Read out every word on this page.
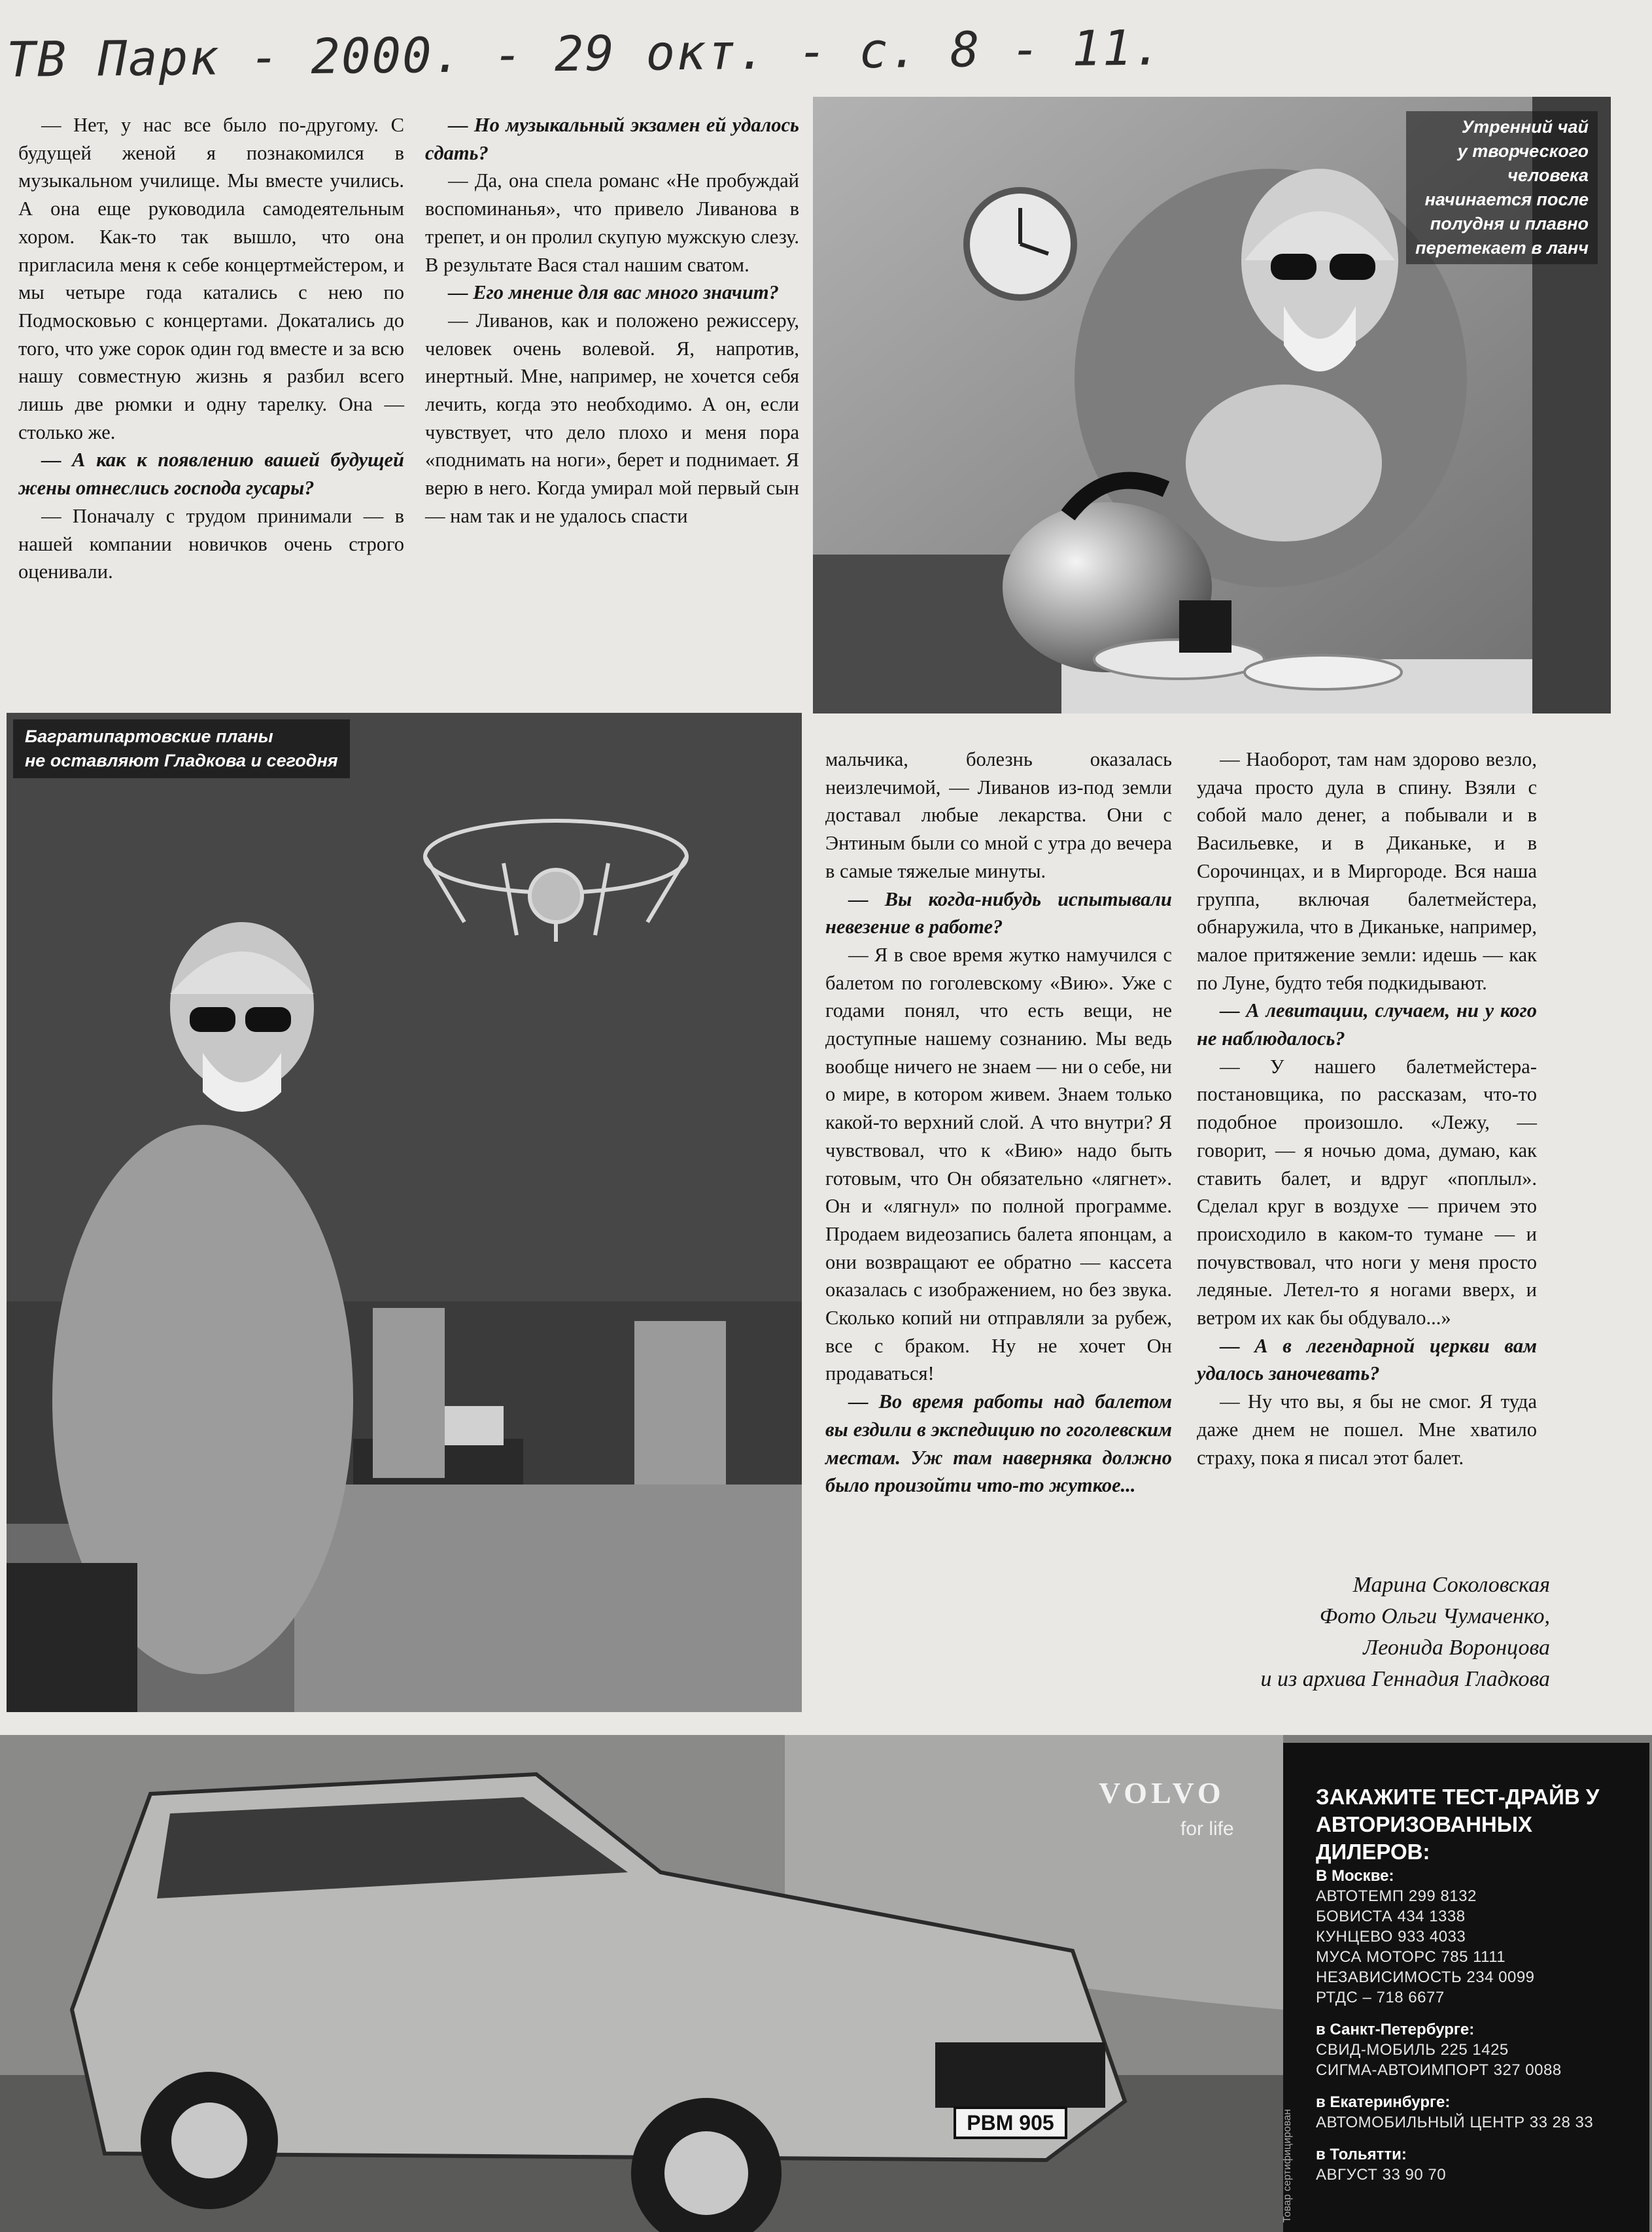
ТВ Парк - 2000. - 29 окт. - с. 8 - 11.

— Нет, у нас все было по-другому. С будущей женой я познакомился в музыкальном училище. Мы вместе учились. А она еще руководила самодеятельным хором. Как-то так вышло, что она пригласила меня к себе концертмейстером, и мы четыре года катались с нею по Подмосковью с концертами. Докатались до того, что уже сорок один год вместе и за всю нашу совместную жизнь я разбил всего лишь две рюмки и одну тарелку. Она — столько же.

— А как к появлению вашей будущей жены отнеслись господа гусары?

— Поначалу с трудом принимали — в нашей компании новичков очень строго оценивали.

— Но музыкальный экзамен ей удалось сдать?

— Да, она спела романс «Не пробуждай воспоминанья», что привело Ливанова в трепет, и он пролил скупую мужскую слезу. В результате Вася стал нашим сватом.

— Его мнение для вас много значит?

— Ливанов, как и положено режиссеру, человек очень волевой. Я, напротив, инертный. Мне, например, не хочется себя лечить, когда это необходимо. А он, если чувствует, что дело плохо и меня пора «поднимать на ноги», берет и поднимает. Я верю в него. Когда умирал мой первый сын — нам так и не удалось спасти

Утренний чай
у творческого
человека
начинается после
полудня и плавно
перетекает в ланч
Багратипартовские планы
не оставляют Гладкова и сегодня	мальчика, болезнь оказалась неизлечимой, — Ливанов из-под земли доставал любые лекарства. Они с Энтиным были со мной с утра до вечера в самые тяжелые минуты.

— Вы когда-нибудь испытывали невезение в работе?

— Я в свое время жутко намучился с балетом по гоголевскому «Вию». Уже с годами понял, что есть вещи, не доступные нашему сознанию. Мы ведь вообще ничего не знаем — ни о себе, ни о мире, в котором живем. Знаем только какой-то верхний слой. А что внутри? Я чувствовал, что к «Вию» надо быть готовым, что Он обязательно «лягнет». Он и «лягнул» по полной программе. Продаем видеозапись балета японцам, а они возвращают ее обратно — кассета оказалась с изображением, но без звука. Сколько копий ни отправляли за рубеж, все с браком. Ну не хочет Он продаваться!

— Во время работы над балетом вы ездили в экспедицию по гоголевским местам. Уж там наверняка должно было произойти что-то жуткое...

— Наоборот, там нам здорово везло, удача просто дула в спину. Взяли с собой мало денег, а побывали и в Васильевке, и в Диканьке, и в Сорочинцах, и в Миргороде. Вся наша группа, включая балетмейстера, обнаружила, что в Диканьке, например, малое притяжение земли: идешь — как по Луне, будто тебя подкидывают.

— А левитации, случаем, ни у кого не наблюдалось?

— У нашего балетмейстера-постановщика, по рассказам, что-то подобное произошло. «Лежу, — говорит, — я ночью дома, думаю, как ставить балет, и вдруг «поплыл». Сделал круг в воздухе — причем это происходило в каком-то тумане — и почувствовал, что ноги у меня просто ледяные. Летел-то я ногами вверх, и ветром их как бы обдувало...»

— А в легендарной церкви вам удалось заночевать?

— Ну что вы, я бы не смог. Я туда даже днем не пошел. Мне хватило страху, пока я писал этот балет.

Марина Соколовская
Фото Ольги Чумаченко,
Леонида Воронцова
и из архива Геннадия Гладкова
PBM 905
VOLVO
for life
ЗАКАЖИТЕ ТЕСТ-ДРАЙВ У
АВТОРИЗОВАННЫХ ДИЛЕРОВ:
В Москве:
АВТОТЕМП 299 8132
БОВИСТА 434 1338
КУНЦЕВО 933 4033
МУСА МОТОРС 785 1111
НЕЗАВИСИМОСТЬ 234 0099
РТДС – 718 6677
в Санкт-Петербурге:
СВИД-МОБИЛЬ 225 1425
СИГМА-АВТОИМПОРТ 327 0088
в Екатеринбурге:
АВТОМОБИЛЬНЫЙ ЦЕНТР 33 28 33
в Тольятти:
АВГУСТ 33 90 70
Товар сертифицирован
